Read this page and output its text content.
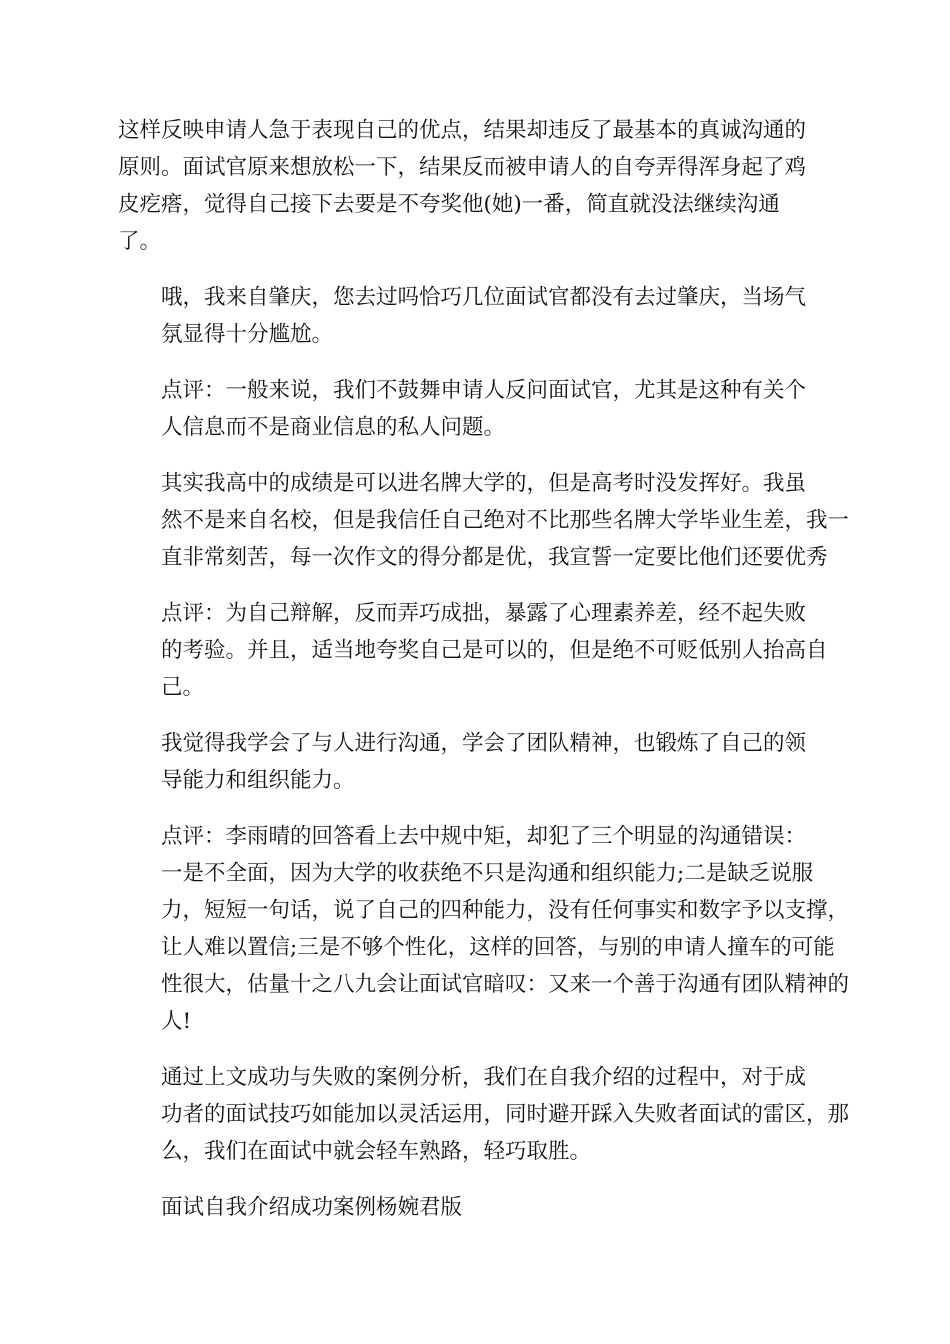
这样反映申请人急于表现自己的优点，结果却违反了最基本的真诚沟通的
原则。面试官原来想放松一下，结果反而被申请人的自夸弄得浑身起了鸡
皮疙瘩，觉得自己接下去要是不夸奖他(她)一番，简直就没法继续沟通
了。

哦，我来自肇庆，您去过吗恰巧几位面试官都没有去过肇庆，当场气
氛显得十分尴尬。

点评：一般来说，我们不鼓舞申请人反问面试官，尤其是这种有关个
人信息而不是商业信息的私人问题。

其实我高中的成绩是可以进名牌大学的，但是高考时没发挥好。我虽
然不是来自名校，但是我信任自己绝对不比那些名牌大学毕业生差，我一
直非常刻苦，每一次作文的得分都是优，我宣誓一定要比他们还要优秀

点评：为自己辩解，反而弄巧成拙，暴露了心理素养差，经不起失败
的考验。并且，适当地夸奖自己是可以的，但是绝不可贬低别人抬高自
己。

我觉得我学会了与人进行沟通，学会了团队精神，也锻炼了自己的领
导能力和组织能力。

点评：李雨晴的回答看上去中规中矩，却犯了三个明显的沟通错误：
一是不全面，因为大学的收获绝不只是沟通和组织能力;二是缺乏说服
力，短短一句话，说了自己的四种能力，没有任何事实和数字予以支撑，
让人难以置信;三是不够个性化，这样的回答，与别的申请人撞车的可能
性很大，估量十之八九会让面试官暗叹：又来一个善于沟通有团队精神的
人!

通过上文成功与失败的案例分析，我们在自我介绍的过程中，对于成
功者的面试技巧如能加以灵活运用，同时避开踩入失败者面试的雷区，那
么，我们在面试中就会轻车熟路，轻巧取胜。

面试自我介绍成功案例杨婉君版
